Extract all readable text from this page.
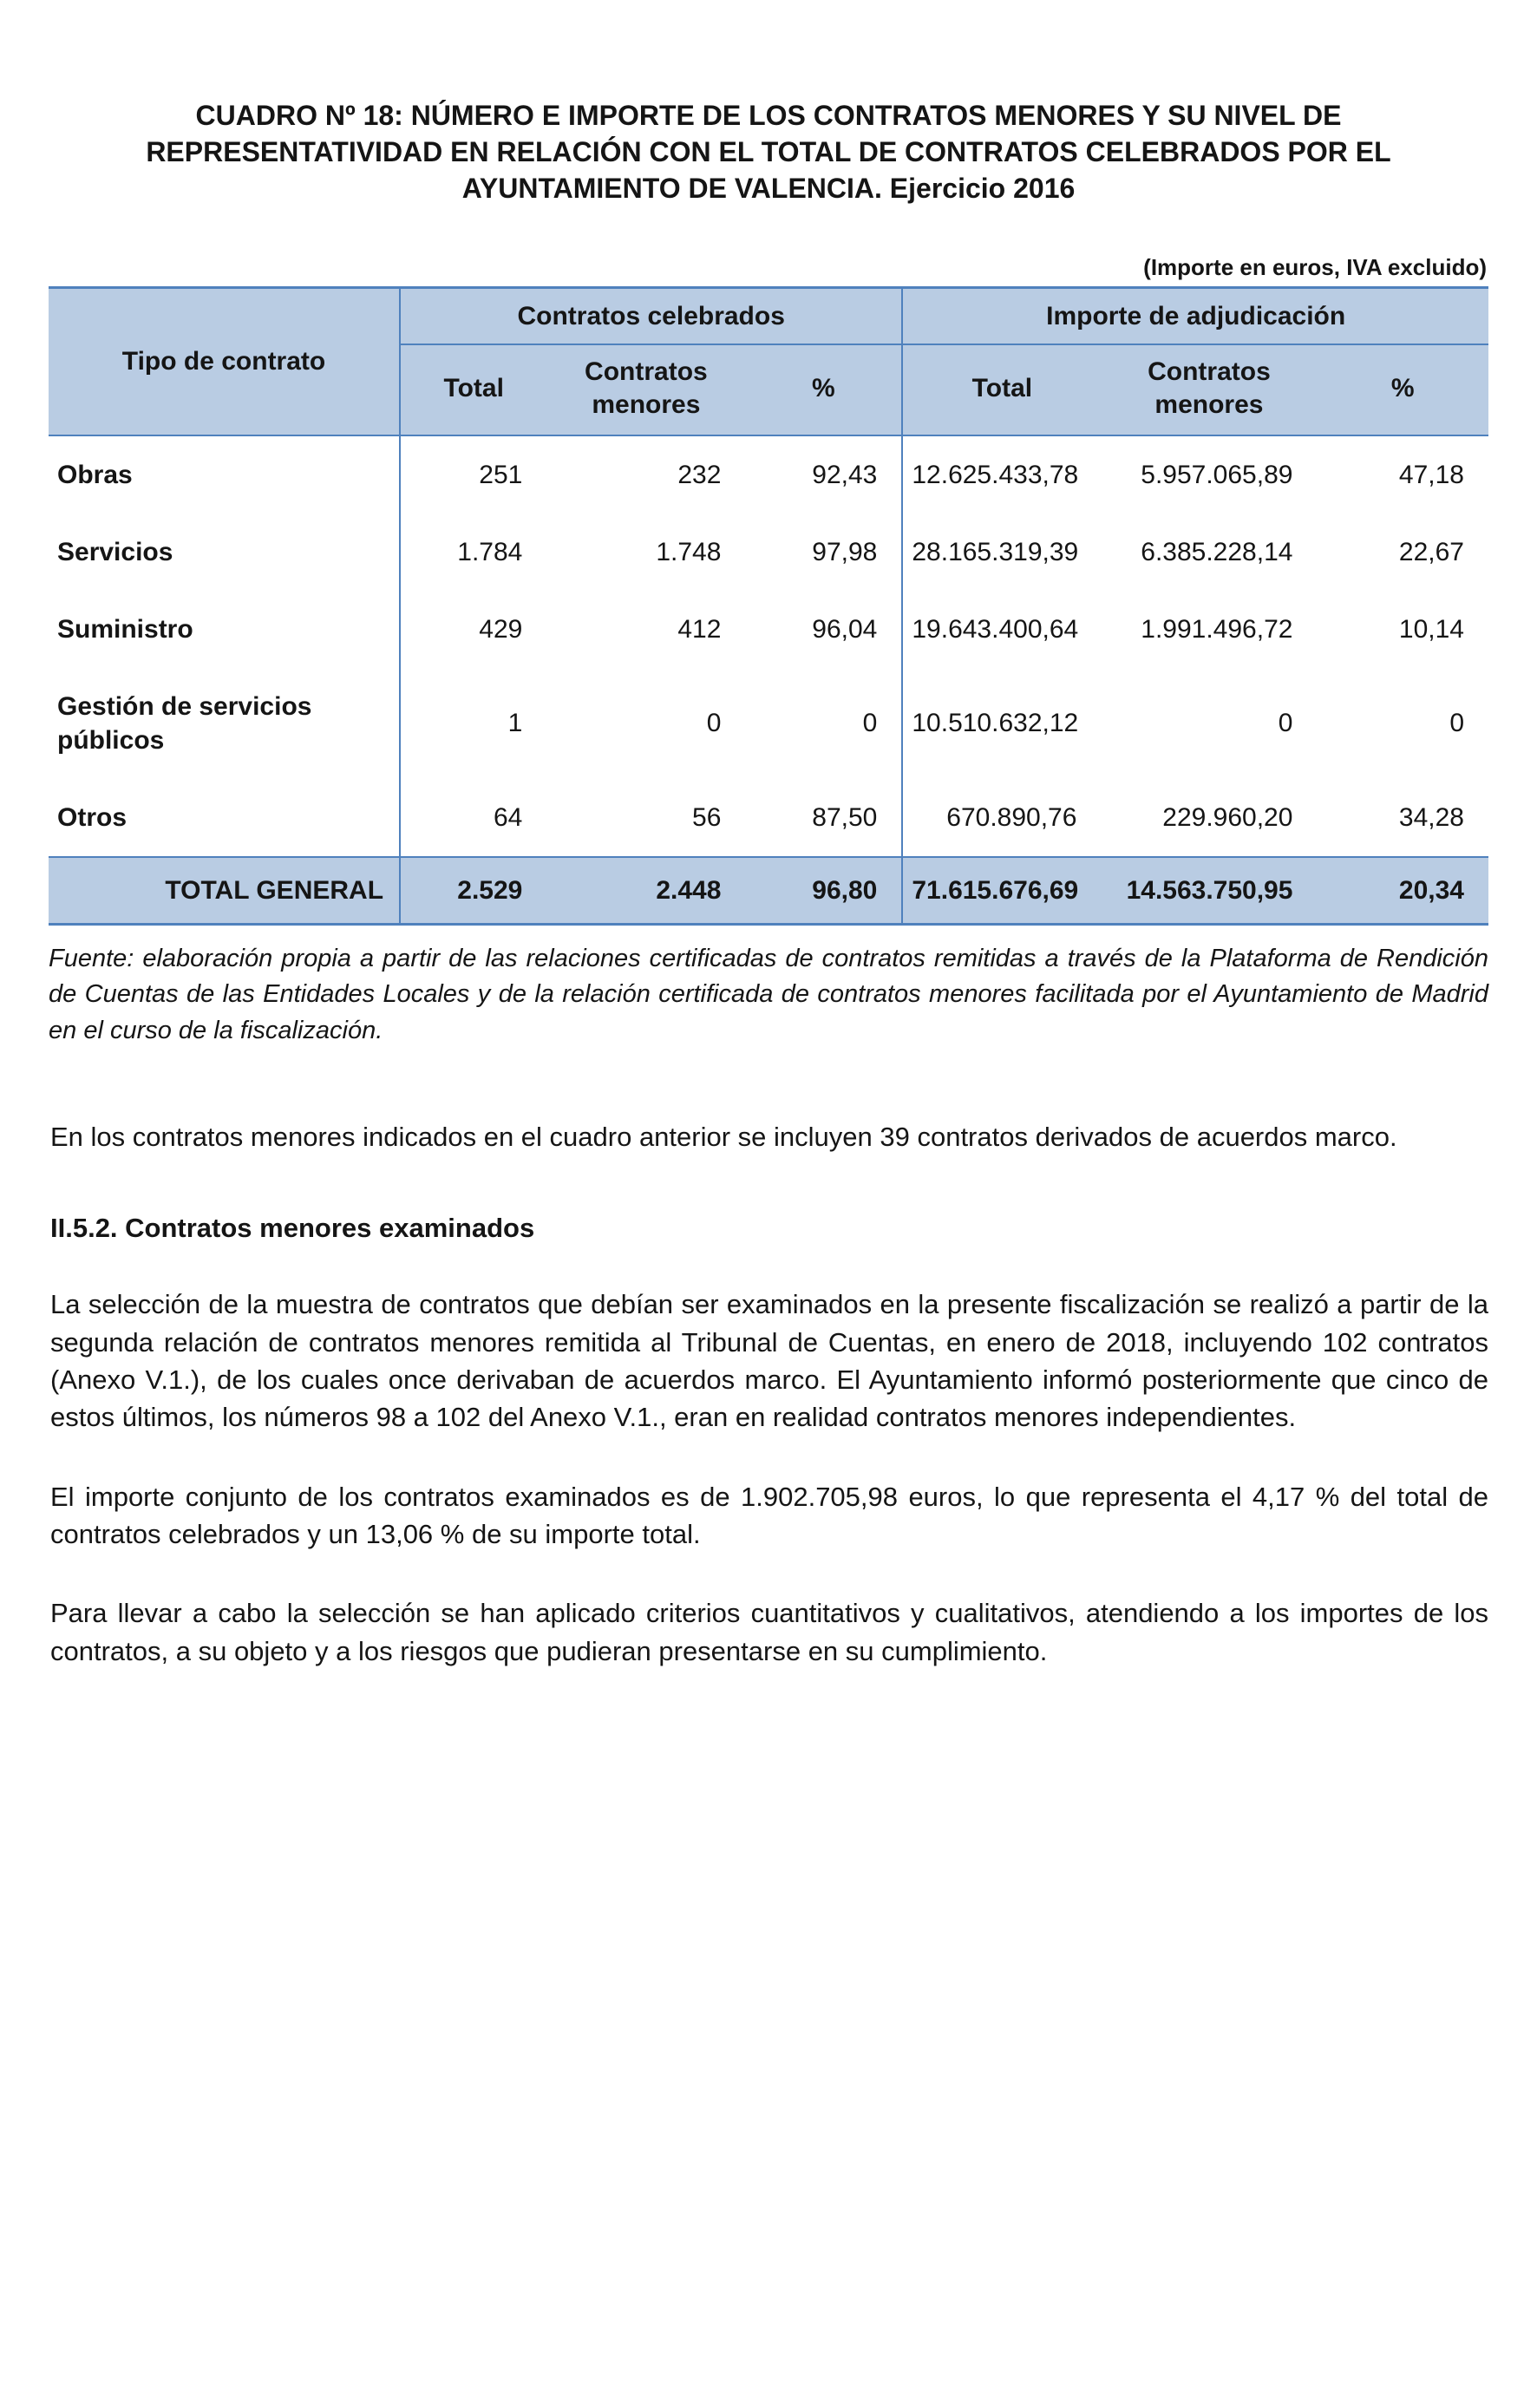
CUADRO Nº 18: NÚMERO E IMPORTE DE LOS CONTRATOS MENORES Y SU NIVEL DE REPRESENTATIVIDAD EN RELACIÓN CON EL TOTAL DE CONTRATOS CELEBRADOS POR EL AYUNTAMIENTO DE VALENCIA. Ejercicio 2016
(Importe en euros, IVA excluido)
Tipo de contrato	Contratos celebrados			Importe de adjudicación		
	Total	Contratos menores	%	Total	Contratos menores	%
Obras	251	232	92,43	12.625.433,78	5.957.065,89	47,18
Servicios	1.784	1.748	97,98	28.165.319,39	6.385.228,14	22,67
Suministro	429	412	96,04	19.643.400,64	1.991.496,72	10,14
Gestión de servicios públicos	1	0	0	10.510.632,12	0	0
Otros	64	56	87,50	670.890,76	229.960,20	34,28
TOTAL GENERAL	2.529	2.448	96,80	71.615.676,69	14.563.750,95	20,34

Fuente: elaboración propia a partir de las relaciones certificadas de contratos remitidas a través de la Plataforma de Rendición de Cuentas de las Entidades Locales y de la relación certificada de contratos menores facilitada por el Ayuntamiento de Madrid en el curso de la fiscalización.

En los contratos menores indicados en el cuadro anterior se incluyen 39 contratos derivados de acuerdos marco.

II.5.2. Contratos menores examinados

La selección de la muestra de contratos que debían ser examinados en la presente fiscalización se realizó a partir de la segunda relación de contratos menores remitida al Tribunal de Cuentas, en enero de 2018, incluyendo 102 contratos (Anexo V.1.), de los cuales once derivaban de acuerdos marco. El Ayuntamiento informó posteriormente que cinco de estos últimos, los números 98 a 102 del Anexo V.1., eran en realidad contratos menores independientes.

El importe conjunto de los contratos examinados es de 1.902.705,98 euros, lo que representa el 4,17 % del total de contratos celebrados y un 13,06 % de su importe total.

Para llevar a cabo la selección se han aplicado criterios cuantitativos y cualitativos, atendiendo a los importes de los contratos, a su objeto y a los riesgos que pudieran presentarse en su cumplimiento.
